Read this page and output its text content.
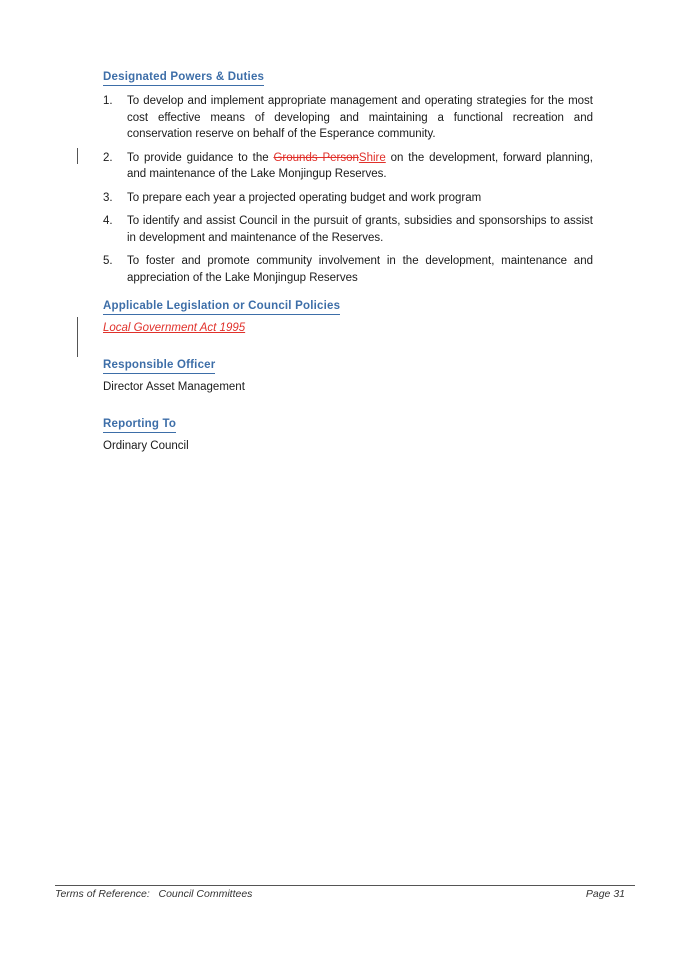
Designated Powers & Duties
1. To develop and implement appropriate management and operating strategies for the most cost effective means of developing and maintaining a functional recreation and conservation reserve on behalf of the Esperance community.
2. To provide guidance to the Grounds PersonShire on the development, forward planning, and maintenance of the Lake Monjingup Reserves.
3. To prepare each year a projected operating budget and work program
4. To identify and assist Council in the pursuit of grants, subsidies and sponsorships to assist in development and maintenance of the Reserves.
5. To foster and promote community involvement in the development, maintenance and appreciation of the Lake Monjingup Reserves
Applicable Legislation or Council Policies
Local Government Act 1995
Responsible Officer
Director Asset Management
Reporting To
Ordinary Council
Terms of Reference:   Council Committees	Page 31
